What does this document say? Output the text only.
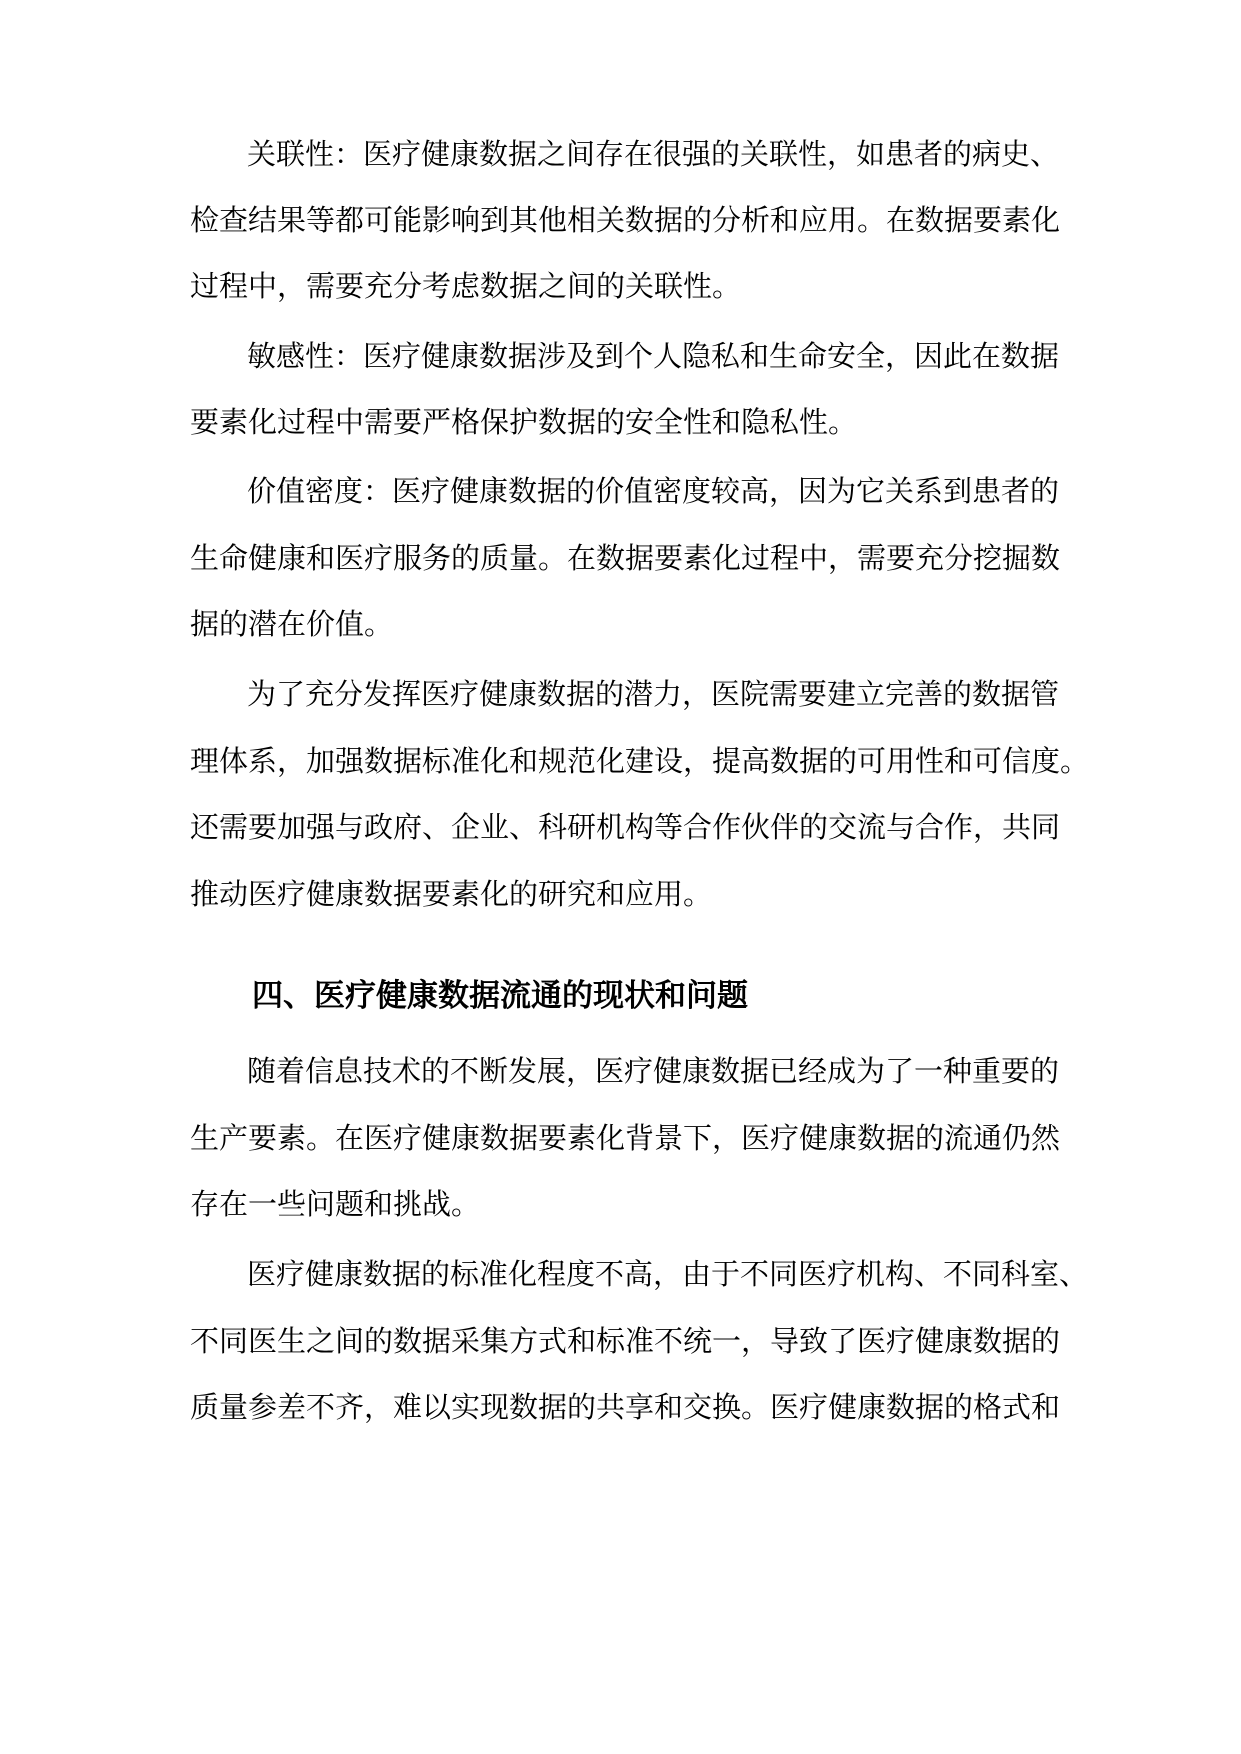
关联性：医疗健康数据之间存在很强的关联性，如患者的病史、
检查结果等都可能影响到其他相关数据的分析和应用。在数据要素化
过程中，需要充分考虑数据之间的关联性。
敏感性：医疗健康数据涉及到个人隐私和生命安全，因此在数据
要素化过程中需要严格保护数据的安全性和隐私性。
价值密度：医疗健康数据的价值密度较高，因为它关系到患者的
生命健康和医疗服务的质量。在数据要素化过程中，需要充分挖掘数
据的潜在价值。
为了充分发挥医疗健康数据的潜力，医院需要建立完善的数据管
理体系，加强数据标准化和规范化建设，提高数据的可用性和可信度。
还需要加强与政府、企业、科研机构等合作伙伴的交流与合作，共同
推动医疗健康数据要素化的研究和应用。
四、医疗健康数据流通的现状和问题
随着信息技术的不断发展，医疗健康数据已经成为了一种重要的
生产要素。在医疗健康数据要素化背景下，医疗健康数据的流通仍然
存在一些问题和挑战。
医疗健康数据的标准化程度不高，由于不同医疗机构、不同科室、
不同医生之间的数据采集方式和标准不统一，导致了医疗健康数据的
质量参差不齐，难以实现数据的共享和交换。医疗健康数据的格式和
